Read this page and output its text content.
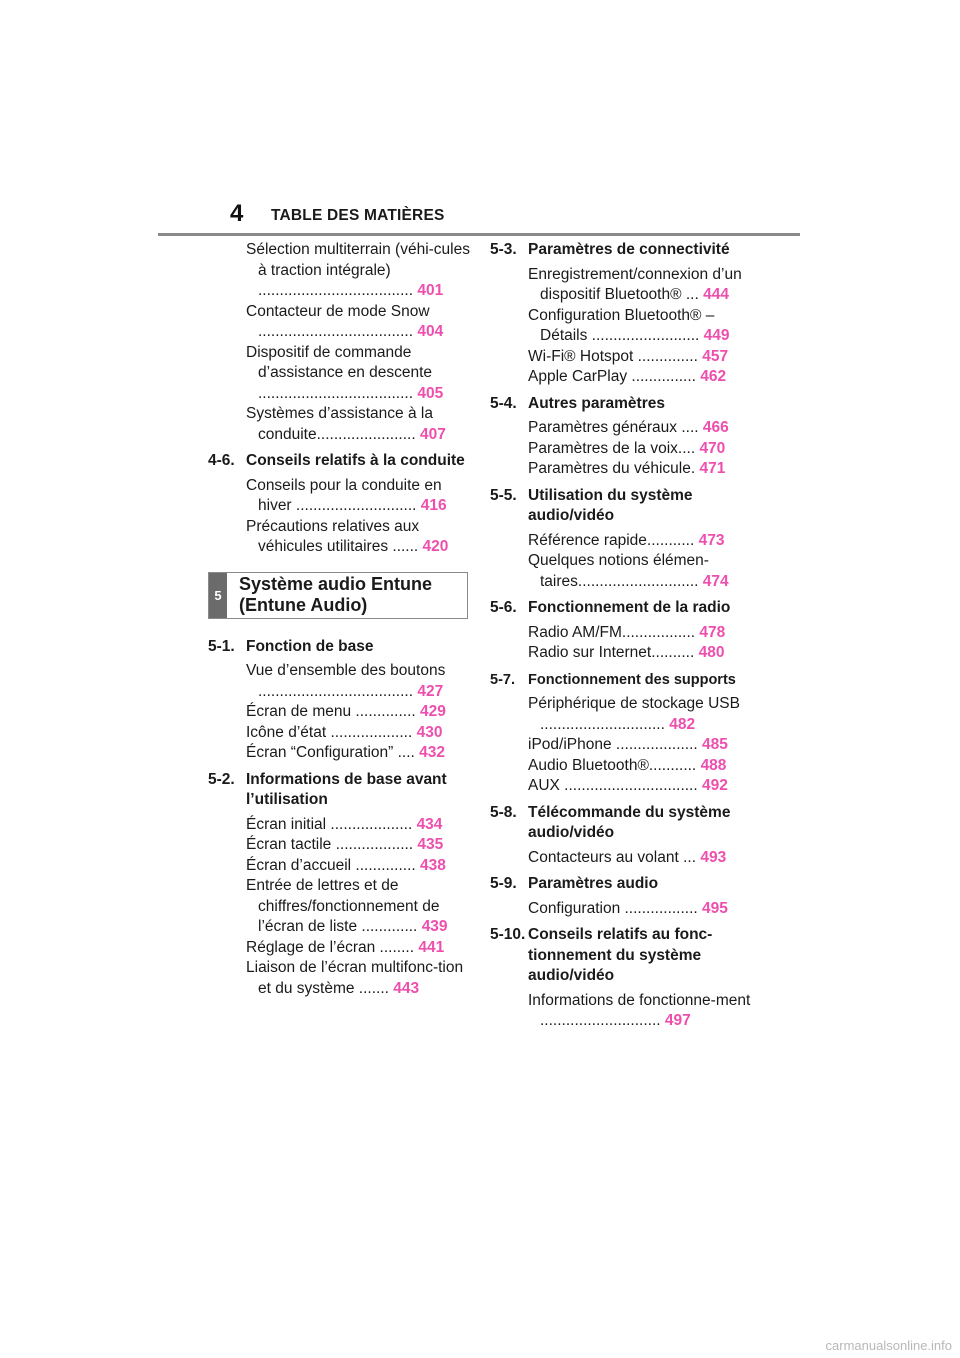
4 TABLE DES MATIÈRES
Sélection multiterrain (véhi-cules à traction intégrale) .................................... 401
Contacteur de mode Snow .................................... 404
Dispositif de commande d’assistance en descente .................................... 405
Systèmes d’assistance à la conduite....................... 407
4-6. Conseils relatifs à la conduite
Conseils pour la conduite en hiver ............................ 416
Précautions relatives aux véhicules utilitaires ...... 420
5
Système audio Entune (Entune Audio)
5-1. Fonction de base
Vue d’ensemble des boutons .................................... 427
Écran de menu .............. 429
Icône d’état ................... 430
Écran “Configuration” .... 432
5-2. Informations de base avant l’utilisation
Écran initial ................... 434
Écran tactile .................. 435
Écran d’accueil .............. 438
Entrée de lettres et de chiffres/fonctionnement de l’écran de liste ............. 439
Réglage de l’écran ........ 441
Liaison de l’écran multifonc-tion et du système ....... 443
5-3. Paramètres de connectivité
Enregistrement/connexion d’un dispositif Bluetooth® ... 444
Configuration Bluetooth® – Détails ......................... 449
Wi-Fi® Hotspot .............. 457
Apple CarPlay ............... 462
5-4. Autres paramètres
Paramètres généraux .... 466
Paramètres de la voix.... 470
Paramètres du véhicule. 471
5-5. Utilisation du système audio/vidéo
Référence rapide........... 473
Quelques notions élémen-taires............................ 474
5-6. Fonctionnement de la radio
Radio AM/FM................. 478
Radio sur Internet.......... 480
5-7. Fonctionnement des supports
Périphérique de stockage USB ............................. 482
iPod/iPhone ................... 485
Audio Bluetooth®........... 488
AUX ............................... 492
5-8. Télécommande du système audio/vidéo
Contacteurs au volant ... 493
5-9. Paramètres audio
Configuration ................. 495
5-10. Conseils relatifs au fonc-tionnement du système audio/vidéo
Informations de fonctionne-ment ............................ 497
carmanualsonline.info
